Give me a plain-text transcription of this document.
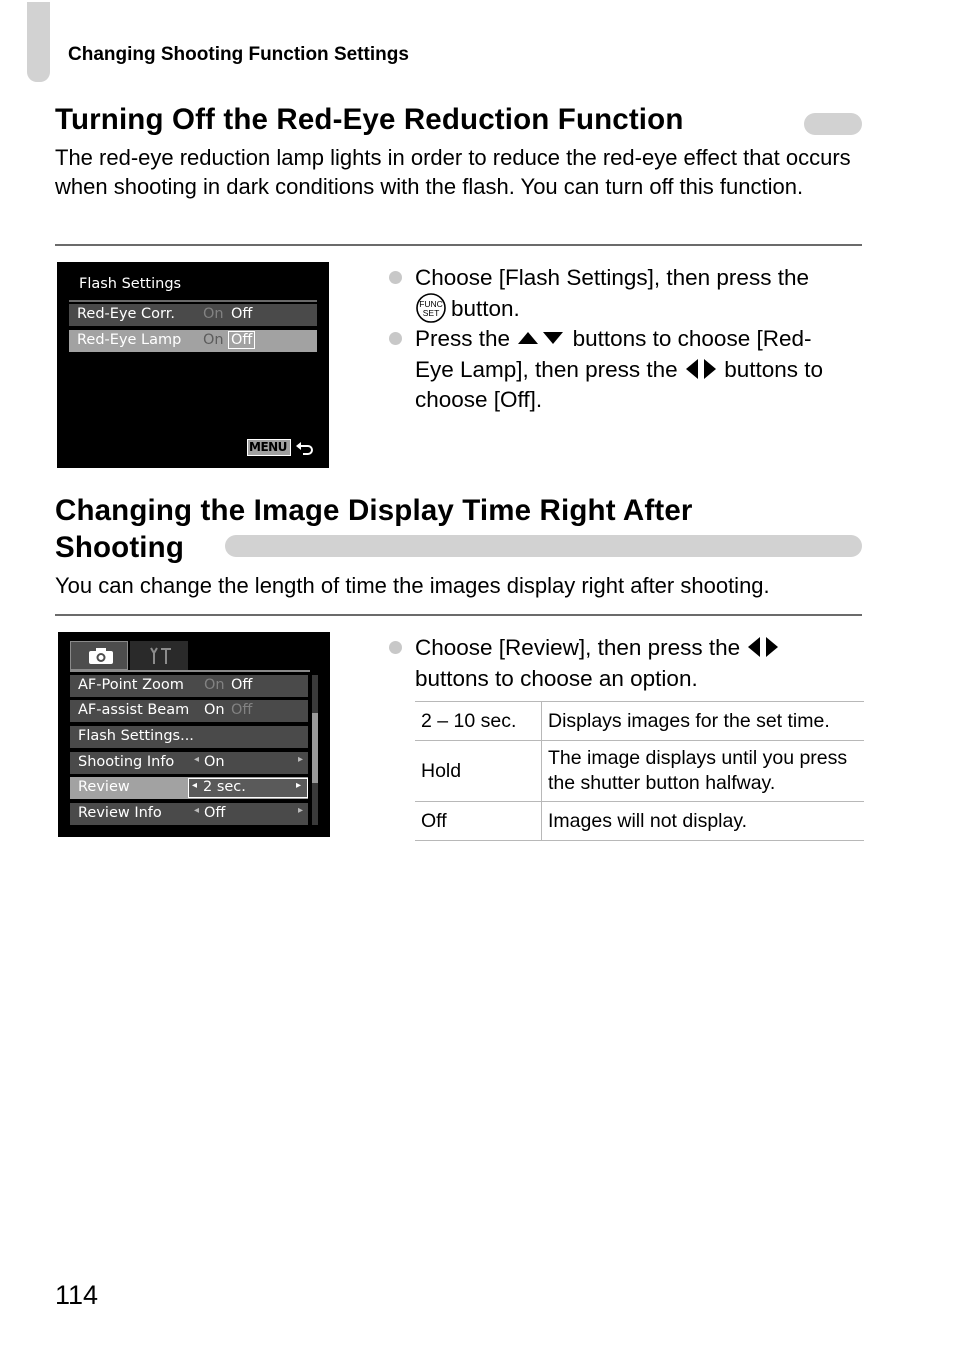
Changing Shooting Function Settings
Turning Off the Red-Eye Reduction Function
The red-eye reduction lamp lights in order to reduce the red-eye effect that occurs when shooting in dark conditions with the flash. You can turn off this function.
Flash Settings
Red-Eye Corr. On Off
Red-Eye Lamp On Off
MENU
Choose [Flash Settings], then press the

FUNC
SET button.
Press the	buttons to choose [Red-
Eye Lamp], then press the buttons to
choose [Off].
Changing the Image Display Time Right After
Shooting
You can change the length of time the images display right after shooting.
AF-Point Zoom On Off
AF-assist Beam On Off
Flash Settings...
Shooting Info ◂ On	▸
Review	◂ 2 sec.	▸
Review Info	◂ Off	▸
Choose [Review], then press the
buttons to choose an option.
2 – 10 sec.	Displays images for the set time.
Hold	The image displays until you press the shutter button halfway.
Off	Images will not display.
114
